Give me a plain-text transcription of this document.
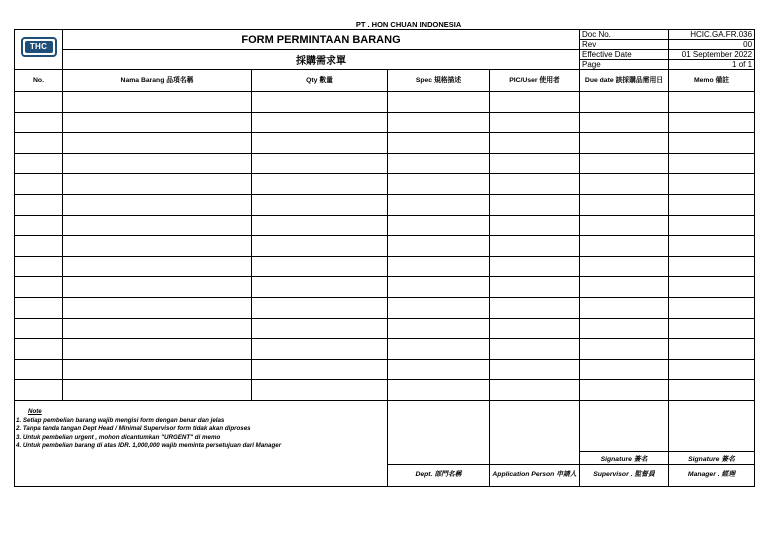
	PT . HON CHUAN INDONESIA					

THC	FORM PERMINTAAN BARANG				Doc No.	HCIC.GA.FR.036
					Rev	00
	採購需求單				Effective Date	01 September 2022
					Page	1 of 1
No.	Nama Barang 品項名稱	Qty 數量	Spec 規格描述	PIC/User 使用者	Due date 該採購品需用日	Memo 備註

Note
1. Setiap pembelian barang wajib mengisi form dengan benar dan jelas
2. Tanpa tanda tangan Dept Head / Minimal Supervisor form tidak akan diproses
3. Untuk pembelian urgent , mohon dicantumkan "URGENT" di memo
4. Untuk pembelian barang di atas IDR. 1,000,000 wajib meminta persetujuan dari Manager						

					Signature 簽名	Signature 簽名
			Dept. 部門名稱	Application Person 申請人	Supervisor . 監督員	Manager . 經理
